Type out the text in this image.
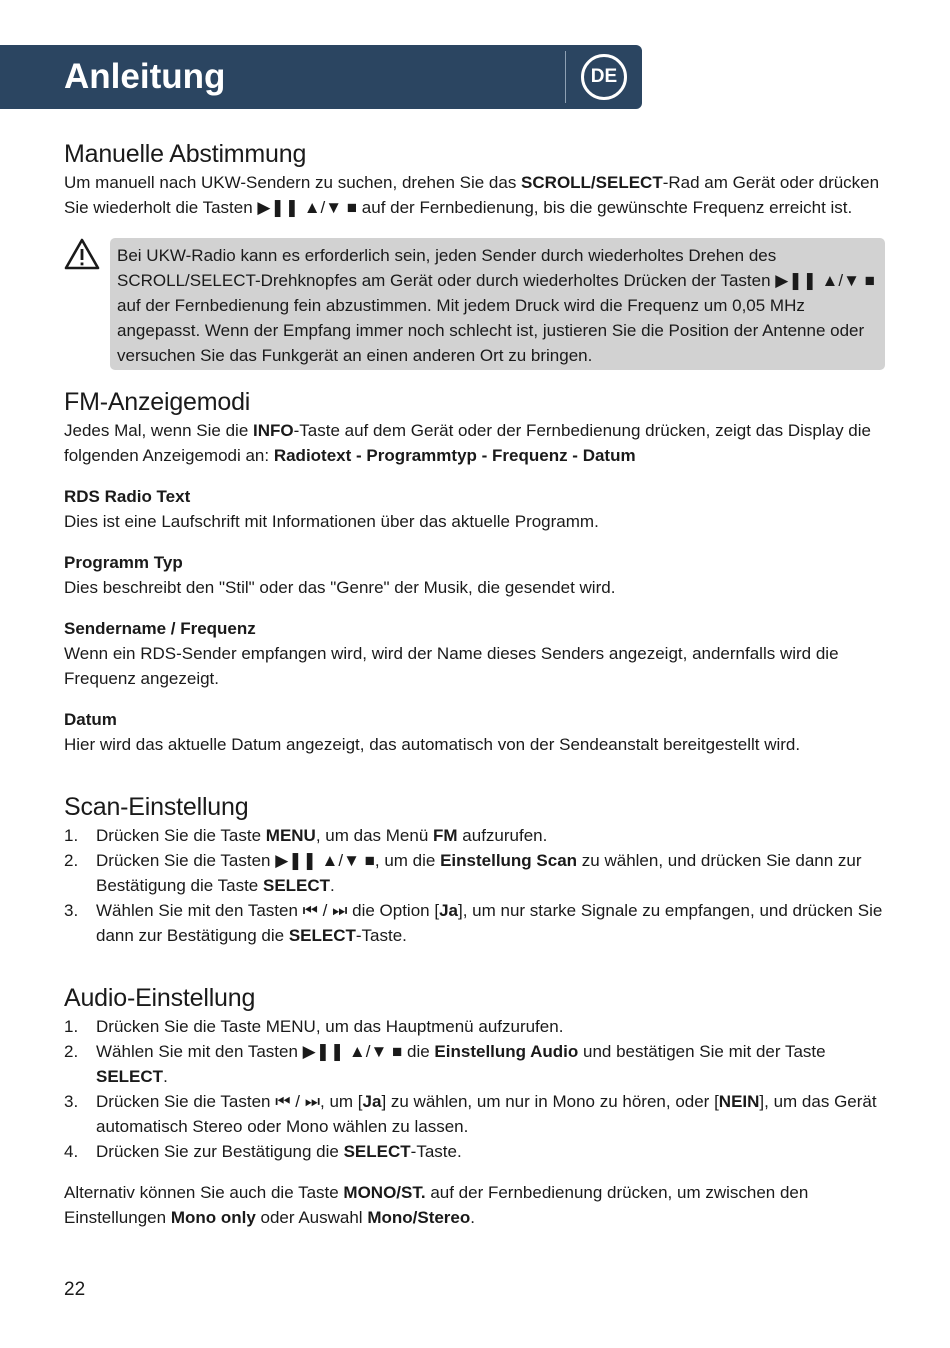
Anleitung	DE
Manuelle Abstimmung

Um manuell nach UKW-Sendern zu suchen, drehen Sie das SCROLL/SELECT-Rad am Gerät oder drücken Sie wiederholt die Tasten ▶❚❚ ▲/▼ ■ auf der Fernbedienung, bis die gewünschte Frequenz erreicht ist.

Bei UKW-Radio kann es erforderlich sein, jeden Sender durch wiederholtes Drehen des SCROLL/SELECT-Drehknopfes am Gerät oder durch wiederholtes Drücken der Tasten ▶❚❚ ▲/▼ ■ auf der Fernbedienung fein abzustimmen. Mit jedem Druck wird die Frequenz um 0,05 MHz angepasst. Wenn der Empfang immer noch schlecht ist, justieren Sie die Position der Antenne oder versuchen Sie das Funkgerät an einen anderen Ort zu bringen.
FM-Anzeigemodi

Jedes Mal, wenn Sie die INFO-Taste auf dem Gerät oder der Fernbedienung drücken, zeigt das Display die folgenden Anzeigemodi an: Radiotext - Programmtyp - Frequenz - Datum

RDS Radio Text

Dies ist eine Laufschrift mit Informationen über das aktuelle Programm.

Programm Typ

Dies beschreibt den "Stil" oder das "Genre" der Musik, die gesendet wird.

Sendername / Frequenz

Wenn ein RDS-Sender empfangen wird, wird der Name dieses Senders angezeigt, andernfalls wird die Frequenz angezeigt.

Datum

Hier wird das aktuelle Datum angezeigt, das automatisch von der Sendeanstalt bereitgestellt wird.

Scan-Einstellung
1. Drücken Sie die Taste MENU, um das Menü FM aufzurufen.
2. Drücken Sie die Tasten ▶❚❚ ▲/▼ ■, um die Einstellung Scan zu wählen, und drücken Sie dann zur Bestätigung die Taste SELECT.
3. Wählen Sie mit den Tasten ⏮ / ⏭ die Option [Ja], um nur starke Signale zu empfangen, und drücken Sie dann zur Bestätigung die SELECT-Taste.
Audio-Einstellung
1. Drücken Sie die Taste MENU, um das Hauptmenü aufzurufen.
2. Wählen Sie mit den Tasten ▶❚❚ ▲/▼ ■ die Einstellung Audio und bestätigen Sie mit der Taste SELECT.
3. Drücken Sie die Tasten ⏮ / ⏭, um [Ja] zu wählen, um nur in Mono zu hören, oder [NEIN], um das Gerät automatisch Stereo oder Mono wählen zu lassen.
4. Drücken Sie zur Bestätigung die SELECT-Taste.

Alternativ können Sie auch die Taste MONO/ST. auf der Fernbedienung drücken, um zwischen den Einstellungen Mono only oder Auswahl Mono/Stereo.

22
